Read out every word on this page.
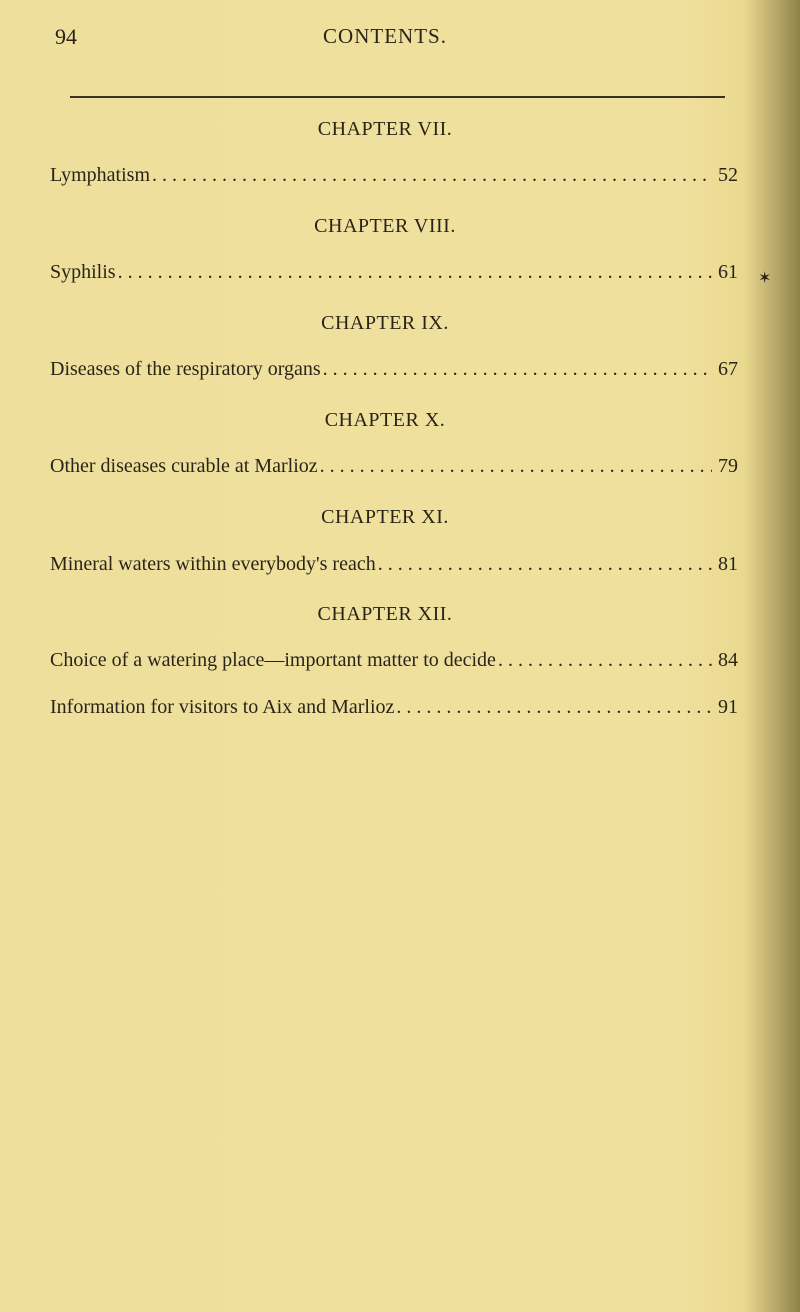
94	CONTENTS.
CHAPTER VII.
Lymphatism . . .	52
CHAPTER VIII.
Syphilis . . .	61
CHAPTER IX.
Diseases of the respiratory organs . . .	67
CHAPTER X.
Other diseases curable at Marlioz . . .	79
CHAPTER XI.
Mineral waters within everybody's reach . . .	81
CHAPTER XII.
Choice of a watering place—important matter to decide . . .	84
Information for visitors to Aix and Marlioz . . .	91
✶
